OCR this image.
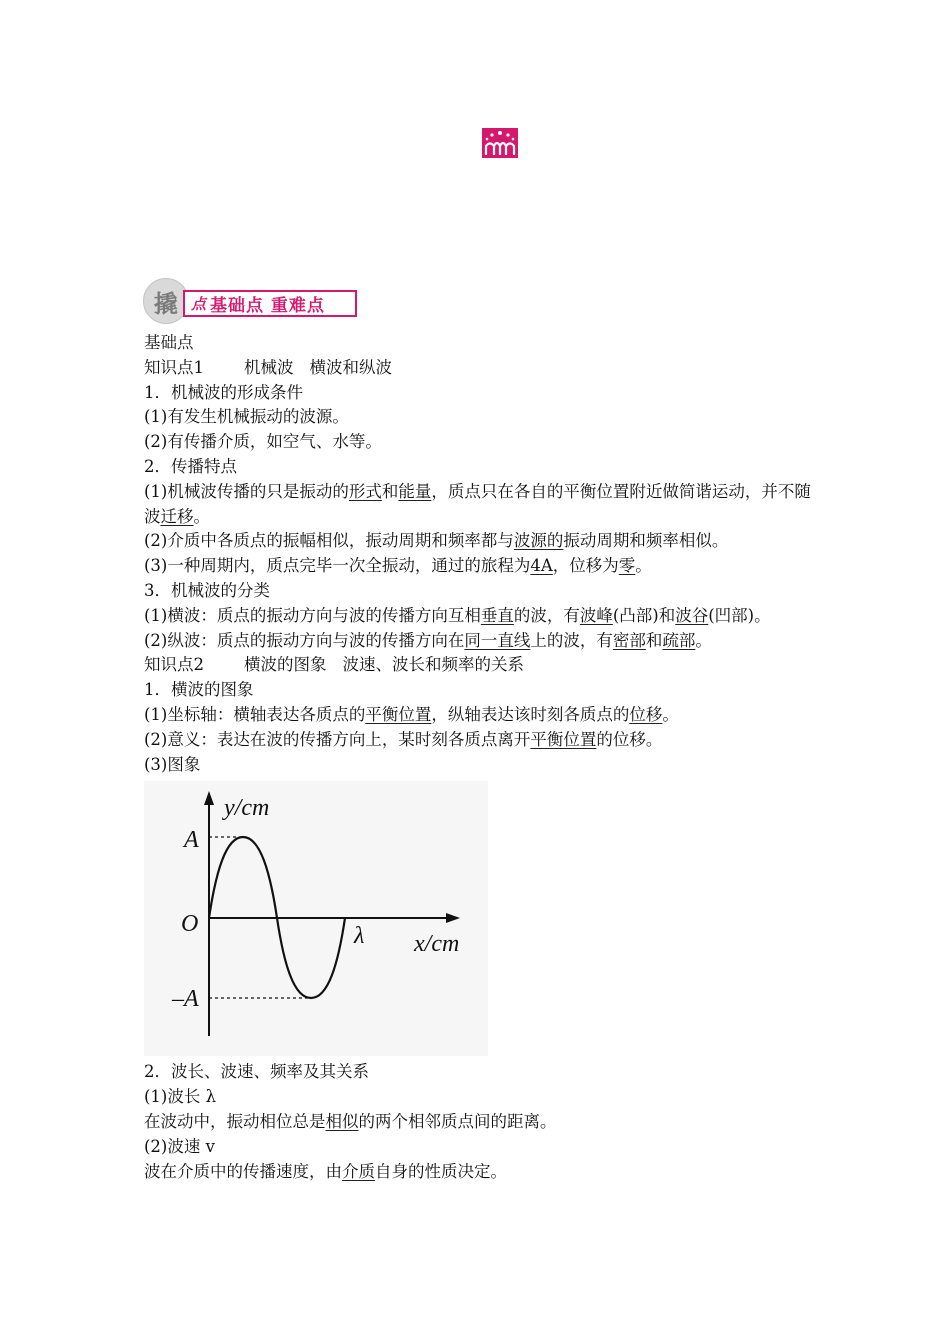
撬 点 基础点 重难点
基础点
知识点1 机械波 横波和纵波
1．机械波的形成条件
(1)有发生机械振动的波源。
(2)有传播介质，如空气、水等。
2．传播特点
(1)机械波传播的只是振动的形式和能量，质点只在各自的平衡位置附近做简谐运动，并不随波迁移。
(2)介质中各质点的振幅相似，振动周期和频率都与波源的振动周期和频率相似。
(3)一种周期内，质点完毕一次全振动，通过的旅程为4A，位移为零。
3．机械波的分类
(1)横波：质点的振动方向与波的传播方向互相垂直的波，有波峰(凸部)和波谷(凹部)。
(2)纵波：质点的振动方向与波的传播方向在同一直线上的波，有密部和疏部。
知识点2 横波的图象 波速、波长和频率的关系
1．横波的图象
(1)坐标轴：横轴表达各质点的平衡位置，纵轴表达该时刻各质点的位移。
(2)意义：表达在波的传播方向上，某时刻各质点离开平衡位置的位移。
(3)图象
y/cm
x/cm
O
A
–A
λ
2．波长、波速、频率及其关系
(1)波长 λ
在波动中，振动相位总是相似的两个相邻质点间的距离。
(2)波速 v
波在介质中的传播速度，由介质自身的性质决定。
